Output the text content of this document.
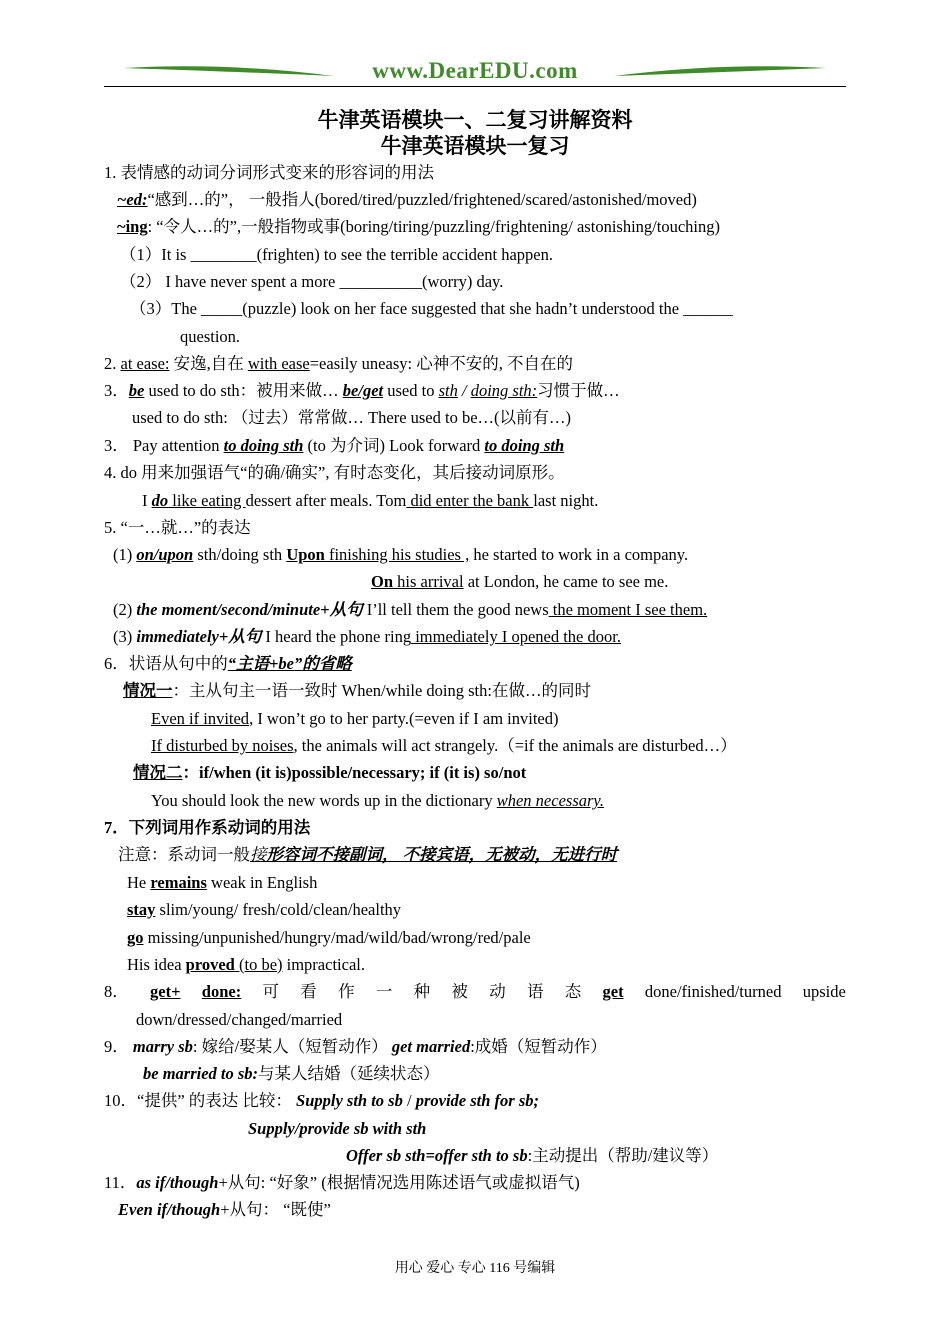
www.DearEDU.com
牛津英语模块一、二复习讲解资料
牛津英语模块一复习
1. 表情感的动词分词形式变来的形容词的用法
~ed:“感到…的”， 一般指人(bored/tired/puzzled/frightened/scared/astonished/moved)
~ing: “令人…的”,一般指物或事(boring/tiring/puzzling/frightening/ astonishing/touching)
（1）It is ________(frighten) to see the terrible accident happen.
（2） I have never spent a more __________(worry) day.
（3）The _____(puzzle) look on her face suggested that she hadn’t understood the ______
question.
2. at ease: 安逸,自在 with ease=easily uneasy: 心神不安的, 不自在的
3．be used to do sth：被用来做… be/get used to sth / doing sth:习惯于做…
used to do sth: （过去）常常做… There used to be…(以前有…)
3． Pay attention to doing sth (to 为介词) Look forward to doing sth
4. do 用来加强语气“的确/确实”, 有时态变化，其后接动词原形。
I do like eating dessert after meals. Tom did enter the bank last night.
5. “一…就…”的表达
(1) on/upon sth/doing sth Upon finishing his studies , he started to work in a company.
On his arrival at London, he came to see me.
(2) the moment/second/minute+从句 I’ll tell them the good news the moment I see them.
(3) immediately+从句 I heard the phone ring immediately I opened the door.
6．状语从句中的“主语+be”的省略
情况一：主从句主一语一致时 When/while doing sth:在做…的同时
Even if invited, I won’t go to her party.(=even if I am invited)
If disturbed by noises, the animals will act strangely.（=if the animals are disturbed…）
情况二：if/when (it is)possible/necessary; if (it is) so/not
You should look the new words up in the dictionary when necessary.
7．下列词用作系动词的用法
注意：系动词一般接形容词不接副词， 不接宾语，无被动，无进行时
He remains weak in English
stay slim/young/ fresh/cold/clean/healthy
go missing/unpunished/hungry/mad/wild/bad/wrong/red/pale
His idea proved (to be) impractical.
8． get+ done: 可 看 作 一 种 被 动 语 态 get done/finished/turned upside
down/dressed/changed/married
9． marry sb: 嫁给/娶某人（短暂动作） get married:成婚（短暂动作）
be married to sb:与某人结婚（延续状态）
10．“提供” 的表达 比较： Supply sth to sb / provide sth for sb;
Supply/provide sb with sth
Offer sb sth=offer sth to sb:主动提出（帮助/建议等）
11．as if/though+从句: “好象” (根据情况选用陈述语气或虚拟语气)
Even if/though+从句： “既使”
用心 爱心 专心 116 号编辑
